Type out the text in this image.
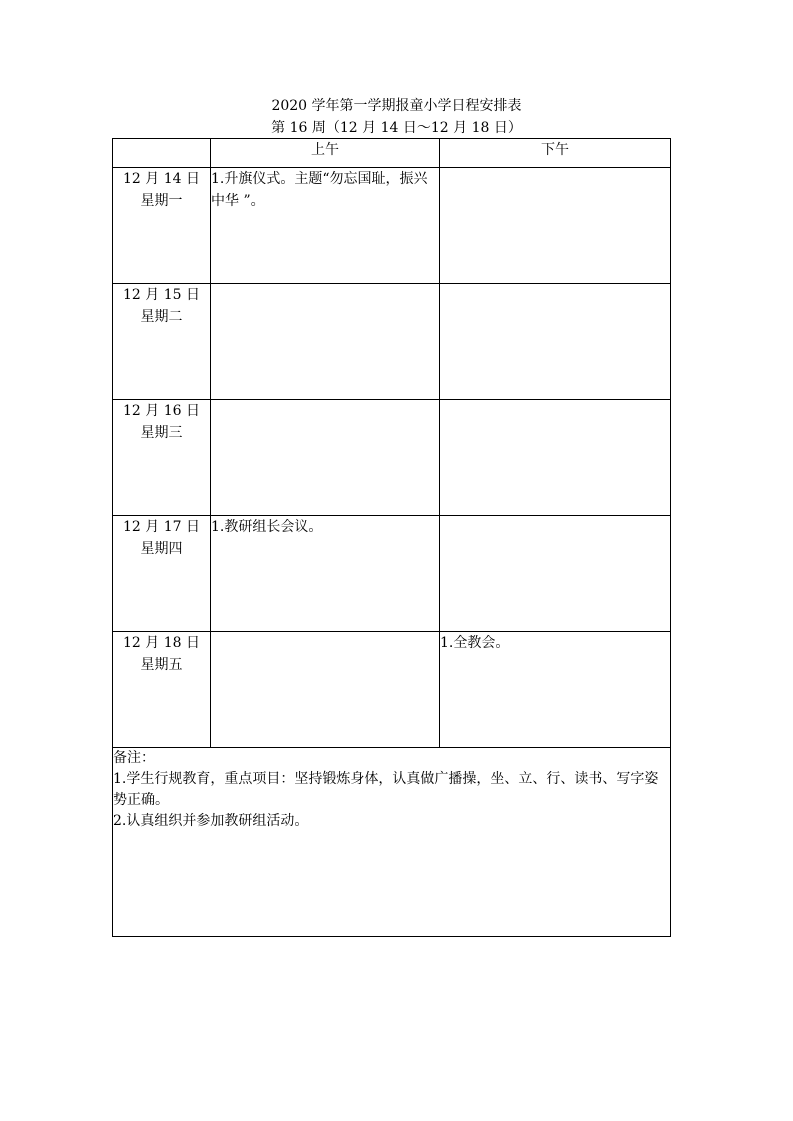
2020 学年第一学期报童小学日程安排表
第 16 周（12 月 14 日～12 月 18 日）
	上午	下午

12 月 14 日
星期一	1.升旗仪式。主题“勿忘国耻，振兴中华 ”。	

12 月 15 日
星期二		

12 月 16 日
星期三		

12 月 17 日
星期四	1.教研组长会议。	

12 月 18 日
星期五		1.全教会。

备注：
1.学生行规教育，重点项目：坚持锻炼身体，认真做广播操，坐、立、行、读书、写字姿势正确。
2.认真组织并参加教研组活动。		
